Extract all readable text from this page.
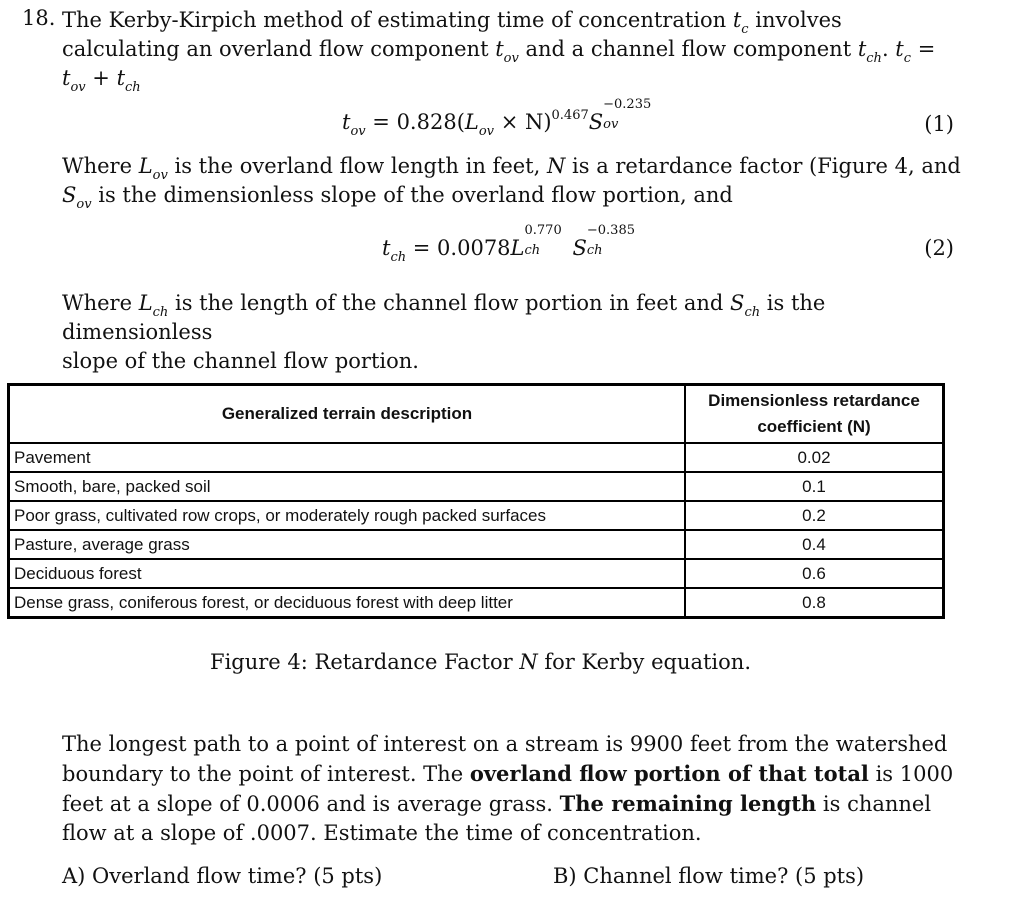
18. The Kerby-Kirpich method of estimating time of concentration $t_c$ involves calculating an overland flow component $t_{ov}$ and a channel flow component $t_{ch}$. $t_c = t_{ov} + t_{ch}$
$t_{ov} = 0.828(L_{ov} \times N)^{0.467}S$
−0.235
ov	(1)
Where $L_{ov}$ is the overland flow length in feet, N is a retardance factor (Figure 4, and
$S_{ov}$ is the dimensionless slope of the overland flow portion, and
$t_{ch} = 0.0078L$
0.770
ch S
−0.385
ch	(2)
Where $L_{ch}$ is the length of the channel flow portion in feet and $S_{ch}$ is the dimensionless
slope of the channel flow portion.
Generalized terrain description	Dimensionless retardance coefficient (N)
Pavement	0.02
Smooth, bare, packed soil	0.1
Poor grass, cultivated row crops, or moderately rough packed surfaces	0.2
Pasture, average grass	0.4
Deciduous forest	0.6
Dense grass, coniferous forest, or deciduous forest with deep litter	0.8
Figure 4: Retardance Factor N for Kerby equation.
The longest path to a point of interest on a stream is 9900 feet from the watershed boundary to the point of interest. The overland flow portion of that total is 1000 feet at a slope of 0.0006 and is average grass. The remaining length is channel flow at a slope of .0007. Estimate the time of concentration.
A) Overland flow time? (5 pts)	B) Channel flow time? (5 pts)
